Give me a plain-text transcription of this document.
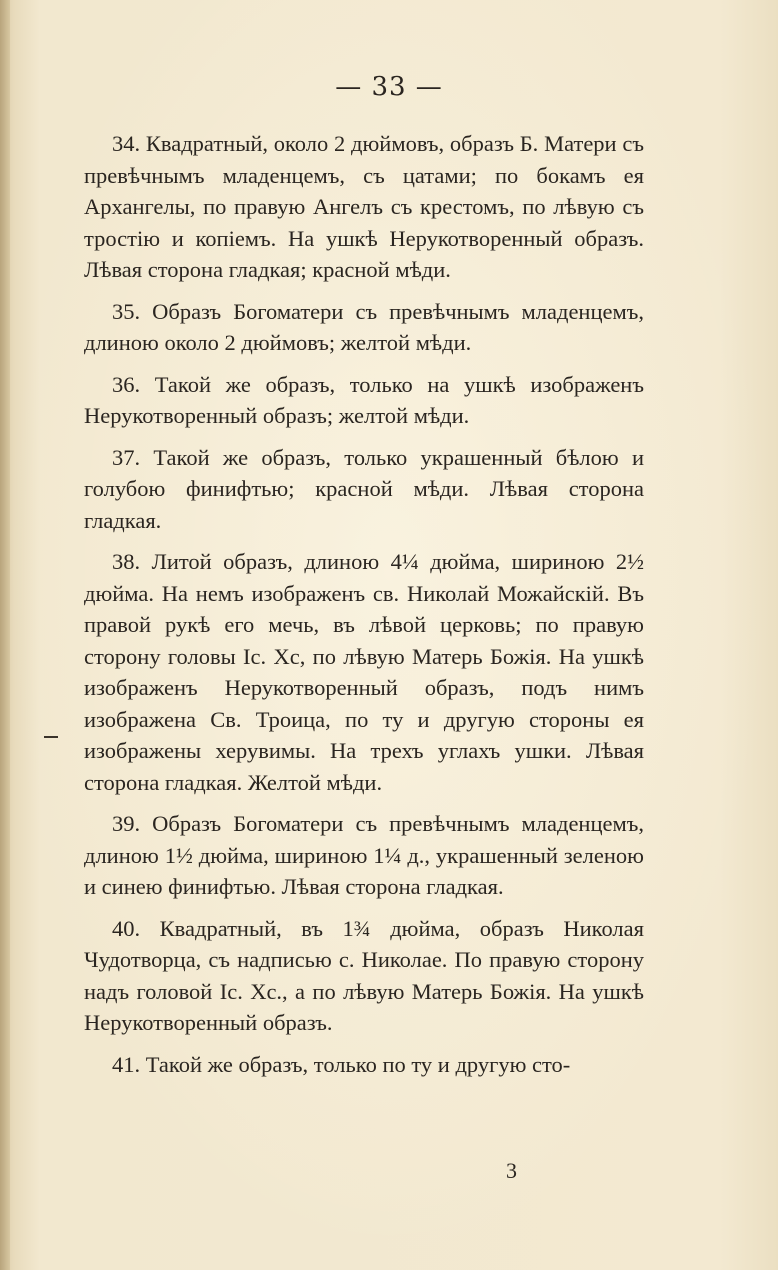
— 33 —

34. Квадратный, около 2 дюймовъ, образъ Б. Матери съ превѣчнымъ младенцемъ, съ цатами; по бокамъ ея Архангелы, по правую Ангелъ съ крестомъ, по лѣвую съ тростію и копіемъ. На ушкѣ Нерукотворенный образъ. Лѣвая сторона гладкая; красной мѣди.

35. Образъ Богоматери съ превѣчнымъ младенцемъ, длиною около 2 дюймовъ; желтой мѣди.

36. Такой же образъ, только на ушкѣ изображенъ Нерукотворенный образъ; желтой мѣди.

37. Такой же образъ, только украшенный бѣлою и голубою финифтью; красной мѣди. Лѣвая сторона гладкая.

38. Литой образъ, длиною 4¼ дюйма, шириною 2½ дюйма. На немъ изображенъ св. Николай Можайскій. Въ правой рукѣ его мечь, въ лѣвой церковь; по правую сторону головы Іс. Хс, по лѣвую Матерь Божія. На ушкѣ изображенъ Нерукотворенный образъ, подъ нимъ изображена Св. Троица, по ту и другую стороны ея изображены херувимы. На трехъ углахъ ушки. Лѣвая сторона гладкая. Желтой мѣди.

39. Образъ Богоматери съ превѣчнымъ младенцемъ, длиною 1½ дюйма, шириною 1¼ д., украшенный зеленою и синею финифтью. Лѣвая сторона гладкая.

40. Квадратный, въ 1¾ дюйма, образъ Николая Чудотворца, съ надписью с. Николае. По правую сторону надъ головой Іс. Хс., а по лѣвую Матерь Божія. На ушкѣ Нерукотворенный образъ.

41. Такой же образъ, только по ту и другую сто-

3
